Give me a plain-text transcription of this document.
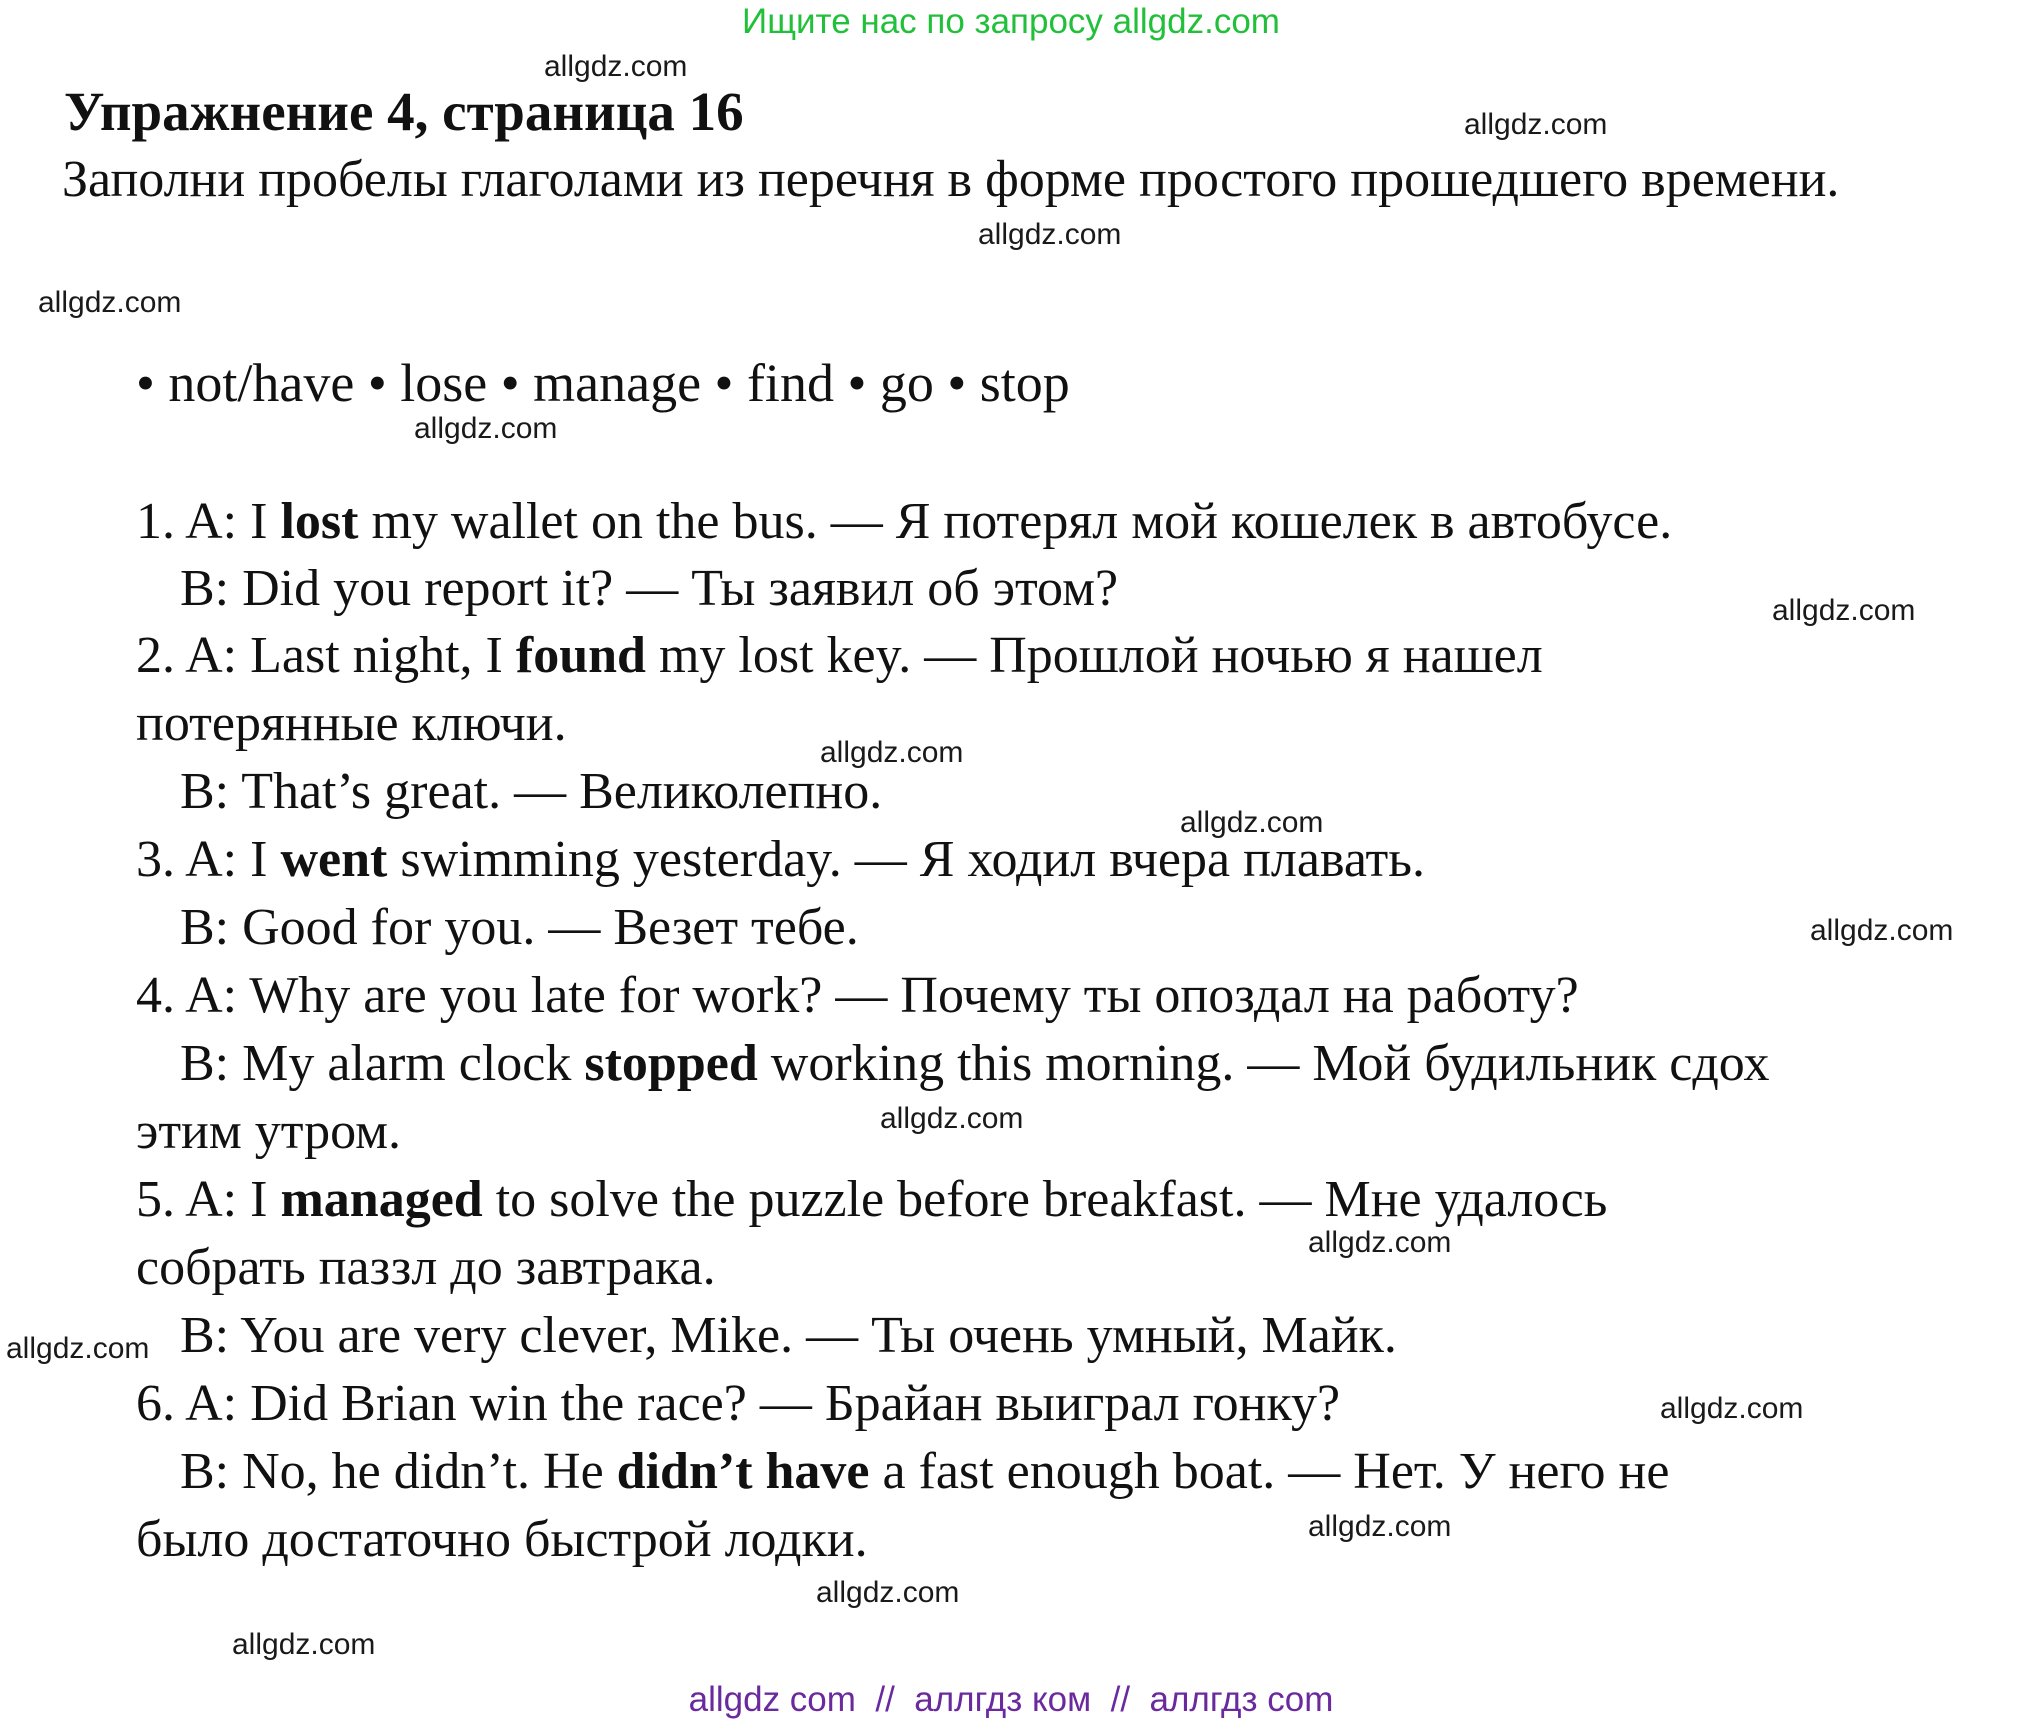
Ищите нас по запросу allgdz.com
Упражнение 4, страница 16
Заполни пробелы глаголами из перечня в форме простого прошедшего времени.
• not/have • lose • manage • find • go • stop
1. A: I lost my wallet on the bus. — Я потерял мой кошелек в автобусе.
B: Did you report it? — Ты заявил об этом?
2. A: Last night, I found my lost key. — Прошлой ночью я нашел
потерянные ключи.
B: That’s great. — Великолепно.
3. A: I went swimming yesterday. — Я ходил вчера плавать.
B: Good for you. — Везет тебе.
4. A: Why are you late for work? — Почему ты опоздал на работу?
B: My alarm clock stopped working this morning. — Мой будильник сдох
этим утром.
5. A: I managed to solve the puzzle before breakfast. — Мне удалось
собрать паззл до завтрака.
B: You are very clever, Mike. — Ты очень умный, Майк.
6. A: Did Brian win the race? — Брайан выиграл гонку?
B: No, he didn’t. He didn’t have a fast enough boat. — Нет. У него не
было достаточно быстрой лодки.
allgdz.com
allgdz.com
allgdz.com
allgdz.com
allgdz.com
allgdz.com
allgdz.com
allgdz.com
allgdz.com
allgdz.com
allgdz.com
allgdz.com
allgdz.com
allgdz.com
allgdz.com
allgdz.com
allgdz com  //  аллгдз ком  //  аллгдз com
